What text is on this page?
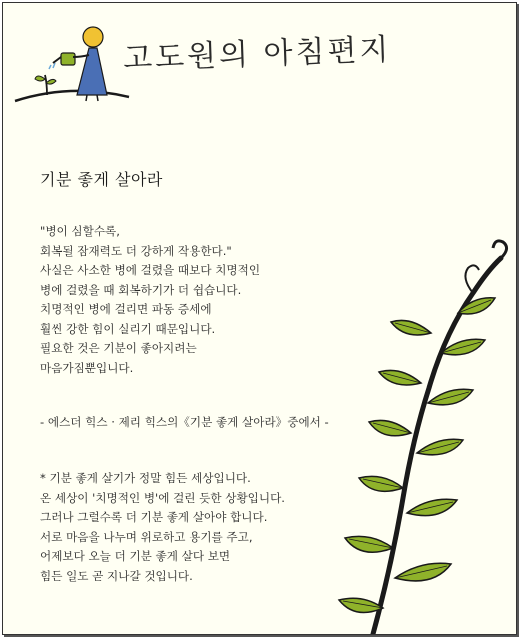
고도원의 아침편지
기분 좋게 살아라

"병이 심할수록,

회복될 잠재력도 더 강하게 작용한다."

사실은 사소한 병에 걸렸을 때보다 치명적인

병에 걸렸을 때 회복하기가 더 쉽습니다.

치명적인 병에 걸리면 파동 증세에

훨씬 강한 힘이 실리기 때문입니다.

필요한 것은 기분이 좋아지려는

마음가짐뿐입니다.

- 에스더 힉스 · 제리 힉스의《기분 좋게 살아라》중에서 -

* 기분 좋게 살기가 정말 힘든 세상입니다.

온 세상이 '치명적인 병'에 걸린 듯한 상황입니다.

그러나 그럴수록 더 기분 좋게 살아야 합니다.

서로 마음을 나누며 위로하고 용기를 주고,

어제보다 오늘 더 기분 좋게 살다 보면

힘든 일도 곧 지나갈 것입니다.
